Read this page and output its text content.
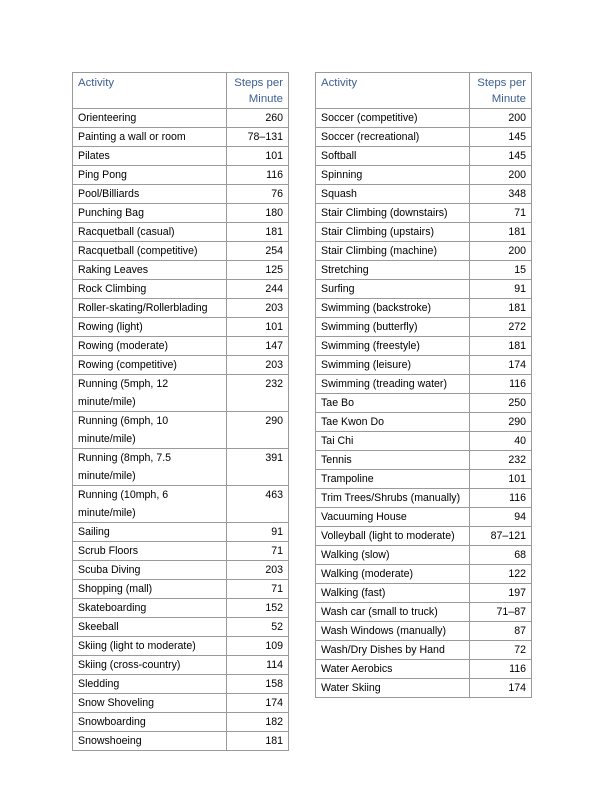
Activity	Steps per Minute
Orienteering	260
Painting a wall or room	78–131
Pilates	101
Ping Pong	116
Pool/Billiards	76
Punching Bag	180
Racquetball (casual)	181
Racquetball (competitive)	254
Raking Leaves	125
Rock Climbing	244
Roller-skating/Rollerblading	203
Rowing (light)	101
Rowing (moderate)	147
Rowing (competitive)	203
Running (5mph, 12 minute/mile)	232
Running (6mph, 10 minute/mile)	290
Running (8mph, 7.5 minute/mile)	391
Running (10mph, 6 minute/mile)	463
Sailing	91
Scrub Floors	71
Scuba Diving	203
Shopping (mall)	71
Skateboarding	152
Skeeball	52
Skiing (light to moderate)	109
Skiing (cross-country)	114
Sledding	158
Snow Shoveling	174
Snowboarding	182
Snowshoeing	181
Activity	Steps per Minute
Soccer (competitive)	200
Soccer (recreational)	145
Softball	145
Spinning	200
Squash	348
Stair Climbing (downstairs)	71
Stair Climbing (upstairs)	181
Stair Climbing (machine)	200
Stretching	15
Surfing	91
Swimming (backstroke)	181
Swimming (butterfly)	272
Swimming (freestyle)	181
Swimming (leisure)	174
Swimming (treading water)	116
Tae Bo	250
Tae Kwon Do	290
Tai Chi	40
Tennis	232
Trampoline	101
Trim Trees/Shrubs (manually)	116
Vacuuming House	94
Volleyball (light to moderate)	87–121
Walking (slow)	68
Walking (moderate)	122
Walking (fast)	197
Wash car (small to truck)	71–87
Wash Windows (manually)	87
Wash/Dry Dishes by Hand	72
Water Aerobics	116
Water Skiing	174
